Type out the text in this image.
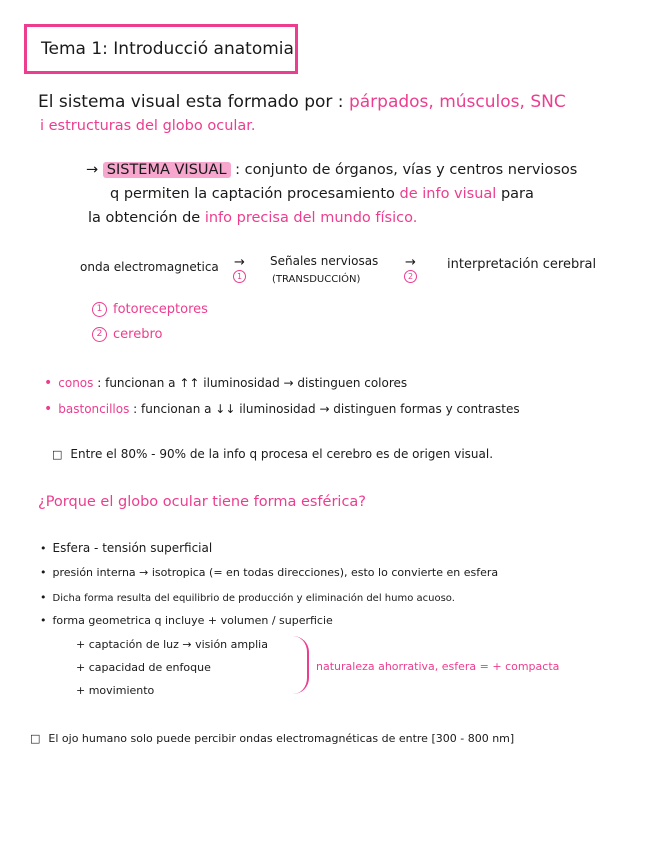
Tema 1: Introducció anatomia
El sistema visual esta formado por : párpados, músculos, SNC
i estructuras del globo ocular.
→ SISTEMA VISUAL : conjunto de órganos, vías y centros nerviosos
q permiten la captación procesamiento de info visual para
la obtención de info precisa del mundo físico.
onda electromagnetica →
1
Señales nerviosas
(TRANSDUCCIÓN)
→
2
interpretación cerebral
1 fotoreceptores
2 cerebro
• conos : funcionan a ↑↑ iluminosidad → distinguen colores
• bastoncillos : funcionan a ↓↓ iluminosidad → distinguen formas y contrastes
□ Entre el 80% - 90% de la info q procesa el cerebro es de origen visual.
¿Porque el globo ocular tiene forma esférica?
• Esfera - tensión superficial
• presión interna → isotropica (= en todas direcciones), esto lo convierte en esfera
• Dicha forma resulta del equilibrio de producción y eliminación del humo acuoso.
• forma geometrica q incluye + volumen / superficie
+ captación de luz → visión amplia
+ capacidad de enfoque
+ movimiento
naturaleza ahorrativa, esfera = + compacta
□ El ojo humano solo puede percibir ondas electromagnéticas de entre [300 - 800 nm]
